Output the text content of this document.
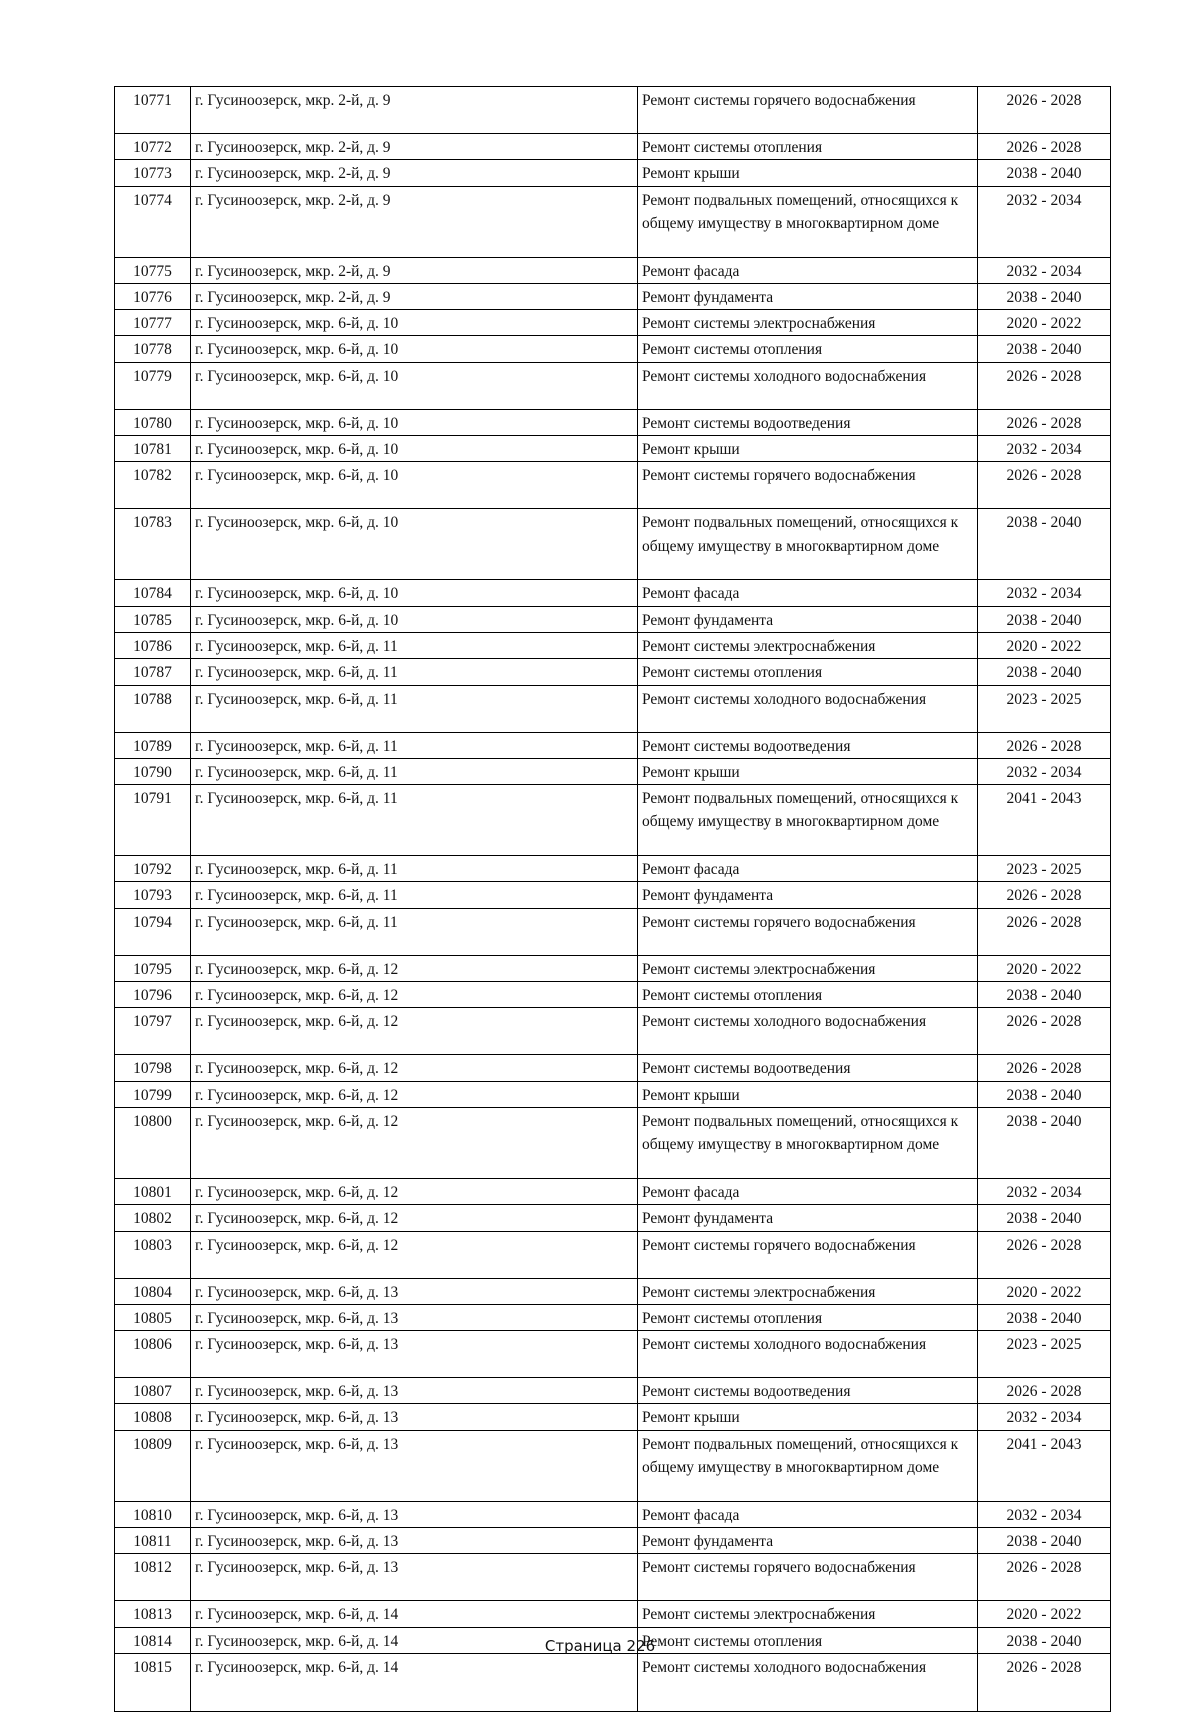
10771	г. Гусиноозерск, мкр. 2-й, д. 9	Ремонт системы горячего водоснабжения	2026 - 2028
10772	г. Гусиноозерск, мкр. 2-й, д. 9	Ремонт системы отопления	2026 - 2028
10773	г. Гусиноозерск, мкр. 2-й, д. 9	Ремонт крыши	2038 - 2040
10774	г. Гусиноозерск, мкр. 2-й, д. 9	Ремонт подвальных помещений, относящихся к общему имуществу в многоквартирном доме	2032 - 2034
10775	г. Гусиноозерск, мкр. 2-й, д. 9	Ремонт фасада	2032 - 2034
10776	г. Гусиноозерск, мкр. 2-й, д. 9	Ремонт фундамента	2038 - 2040
10777	г. Гусиноозерск, мкр. 6-й, д. 10	Ремонт системы электроснабжения	2020 - 2022
10778	г. Гусиноозерск, мкр. 6-й, д. 10	Ремонт системы отопления	2038 - 2040
10779	г. Гусиноозерск, мкр. 6-й, д. 10	Ремонт системы холодного водоснабжения	2026 - 2028
10780	г. Гусиноозерск, мкр. 6-й, д. 10	Ремонт системы водоотведения	2026 - 2028
10781	г. Гусиноозерск, мкр. 6-й, д. 10	Ремонт крыши	2032 - 2034
10782	г. Гусиноозерск, мкр. 6-й, д. 10	Ремонт системы горячего водоснабжения	2026 - 2028
10783	г. Гусиноозерск, мкр. 6-й, д. 10	Ремонт подвальных помещений, относящихся к общему имуществу в многоквартирном доме	2038 - 2040
10784	г. Гусиноозерск, мкр. 6-й, д. 10	Ремонт фасада	2032 - 2034
10785	г. Гусиноозерск, мкр. 6-й, д. 10	Ремонт фундамента	2038 - 2040
10786	г. Гусиноозерск, мкр. 6-й, д. 11	Ремонт системы электроснабжения	2020 - 2022
10787	г. Гусиноозерск, мкр. 6-й, д. 11	Ремонт системы отопления	2038 - 2040
10788	г. Гусиноозерск, мкр. 6-й, д. 11	Ремонт системы холодного водоснабжения	2023 - 2025
10789	г. Гусиноозерск, мкр. 6-й, д. 11	Ремонт системы водоотведения	2026 - 2028
10790	г. Гусиноозерск, мкр. 6-й, д. 11	Ремонт крыши	2032 - 2034
10791	г. Гусиноозерск, мкр. 6-й, д. 11	Ремонт подвальных помещений, относящихся к общему имуществу в многоквартирном доме	2041 - 2043
10792	г. Гусиноозерск, мкр. 6-й, д. 11	Ремонт фасада	2023 - 2025
10793	г. Гусиноозерск, мкр. 6-й, д. 11	Ремонт фундамента	2026 - 2028
10794	г. Гусиноозерск, мкр. 6-й, д. 11	Ремонт системы горячего водоснабжения	2026 - 2028
10795	г. Гусиноозерск, мкр. 6-й, д. 12	Ремонт системы электроснабжения	2020 - 2022
10796	г. Гусиноозерск, мкр. 6-й, д. 12	Ремонт системы отопления	2038 - 2040
10797	г. Гусиноозерск, мкр. 6-й, д. 12	Ремонт системы холодного водоснабжения	2026 - 2028
10798	г. Гусиноозерск, мкр. 6-й, д. 12	Ремонт системы водоотведения	2026 - 2028
10799	г. Гусиноозерск, мкр. 6-й, д. 12	Ремонт крыши	2038 - 2040
10800	г. Гусиноозерск, мкр. 6-й, д. 12	Ремонт подвальных помещений, относящихся к общему имуществу в многоквартирном доме	2038 - 2040
10801	г. Гусиноозерск, мкр. 6-й, д. 12	Ремонт фасада	2032 - 2034
10802	г. Гусиноозерск, мкр. 6-й, д. 12	Ремонт фундамента	2038 - 2040
10803	г. Гусиноозерск, мкр. 6-й, д. 12	Ремонт системы горячего водоснабжения	2026 - 2028
10804	г. Гусиноозерск, мкр. 6-й, д. 13	Ремонт системы электроснабжения	2020 - 2022
10805	г. Гусиноозерск, мкр. 6-й, д. 13	Ремонт системы отопления	2038 - 2040
10806	г. Гусиноозерск, мкр. 6-й, д. 13	Ремонт системы холодного водоснабжения	2023 - 2025
10807	г. Гусиноозерск, мкр. 6-й, д. 13	Ремонт системы водоотведения	2026 - 2028
10808	г. Гусиноозерск, мкр. 6-й, д. 13	Ремонт крыши	2032 - 2034
10809	г. Гусиноозерск, мкр. 6-й, д. 13	Ремонт подвальных помещений, относящихся к общему имуществу в многоквартирном доме	2041 - 2043
10810	г. Гусиноозерск, мкр. 6-й, д. 13	Ремонт фасада	2032 - 2034
10811	г. Гусиноозерск, мкр. 6-й, д. 13	Ремонт фундамента	2038 - 2040
10812	г. Гусиноозерск, мкр. 6-й, д. 13	Ремонт системы горячего водоснабжения	2026 - 2028
10813	г. Гусиноозерск, мкр. 6-й, д. 14	Ремонт системы электроснабжения	2020 - 2022
10814	г. Гусиноозерск, мкр. 6-й, д. 14	Ремонт системы отопления	2038 - 2040
10815	г. Гусиноозерск, мкр. 6-й, д. 14	Ремонт системы холодного водоснабжения	2026 - 2028
Страница 226
